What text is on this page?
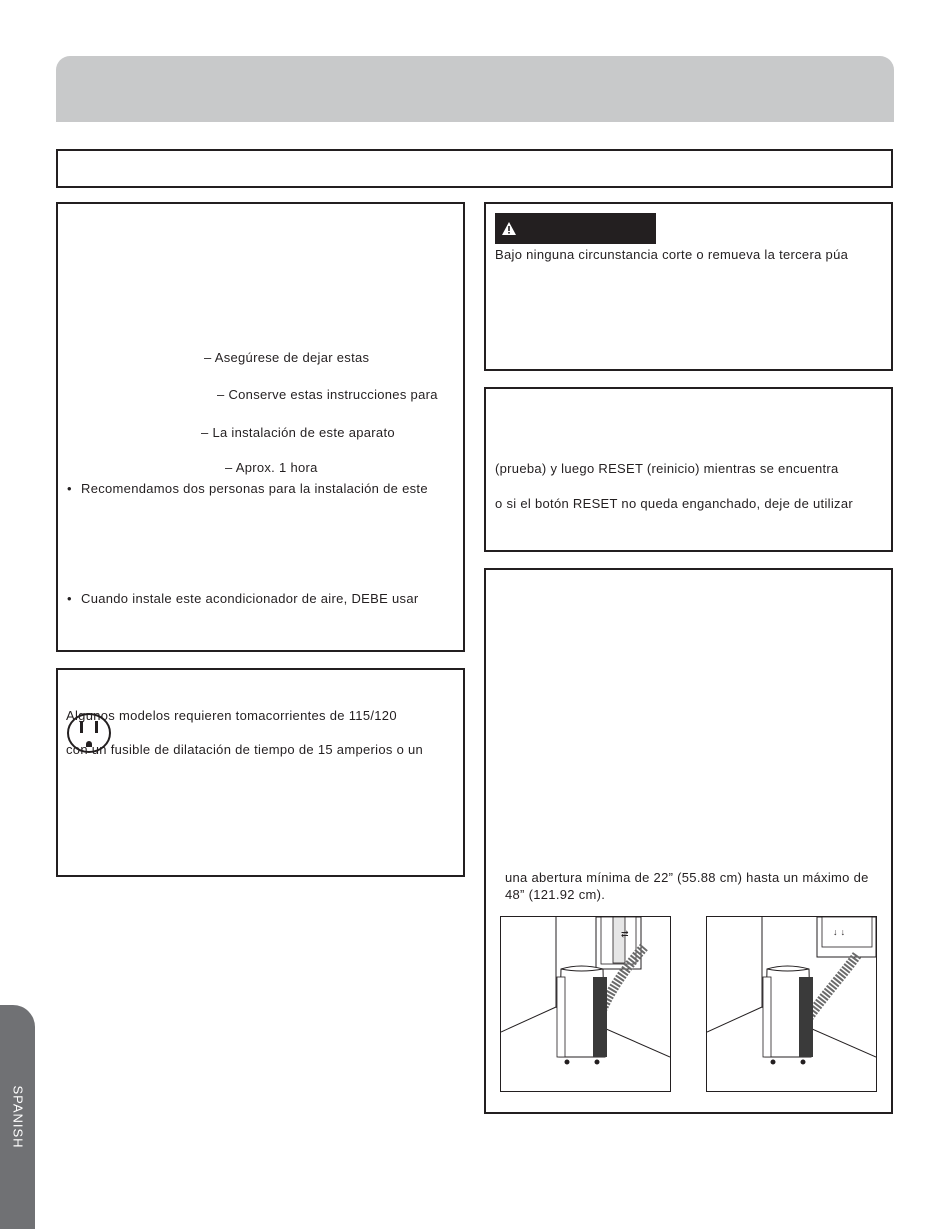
– Asegúrese de dejar estas
– Conserve estas instrucciones para
– La instalación de este aparato
– Aprox. 1 hora
• Recomendamos dos personas para la instalación de este
• Cuando instale este acondicionador de aire, DEBE usar
Algunos modelos requieren tomacorrientes de 115/120
con un fusible de dilatación de tiempo de 15 amperios o un
Bajo ninguna circunstancia corte o remueva la tercera púa
(prueba) y luego RESET (reinicio) mientras se encuentra
o si el botón RESET no queda enganchado, deje de utilizar
una abertura mínima de 22” (55.88 cm) hasta un máximo de
48” (121.92 cm).
⇄	↓ ↓
SPANISH
